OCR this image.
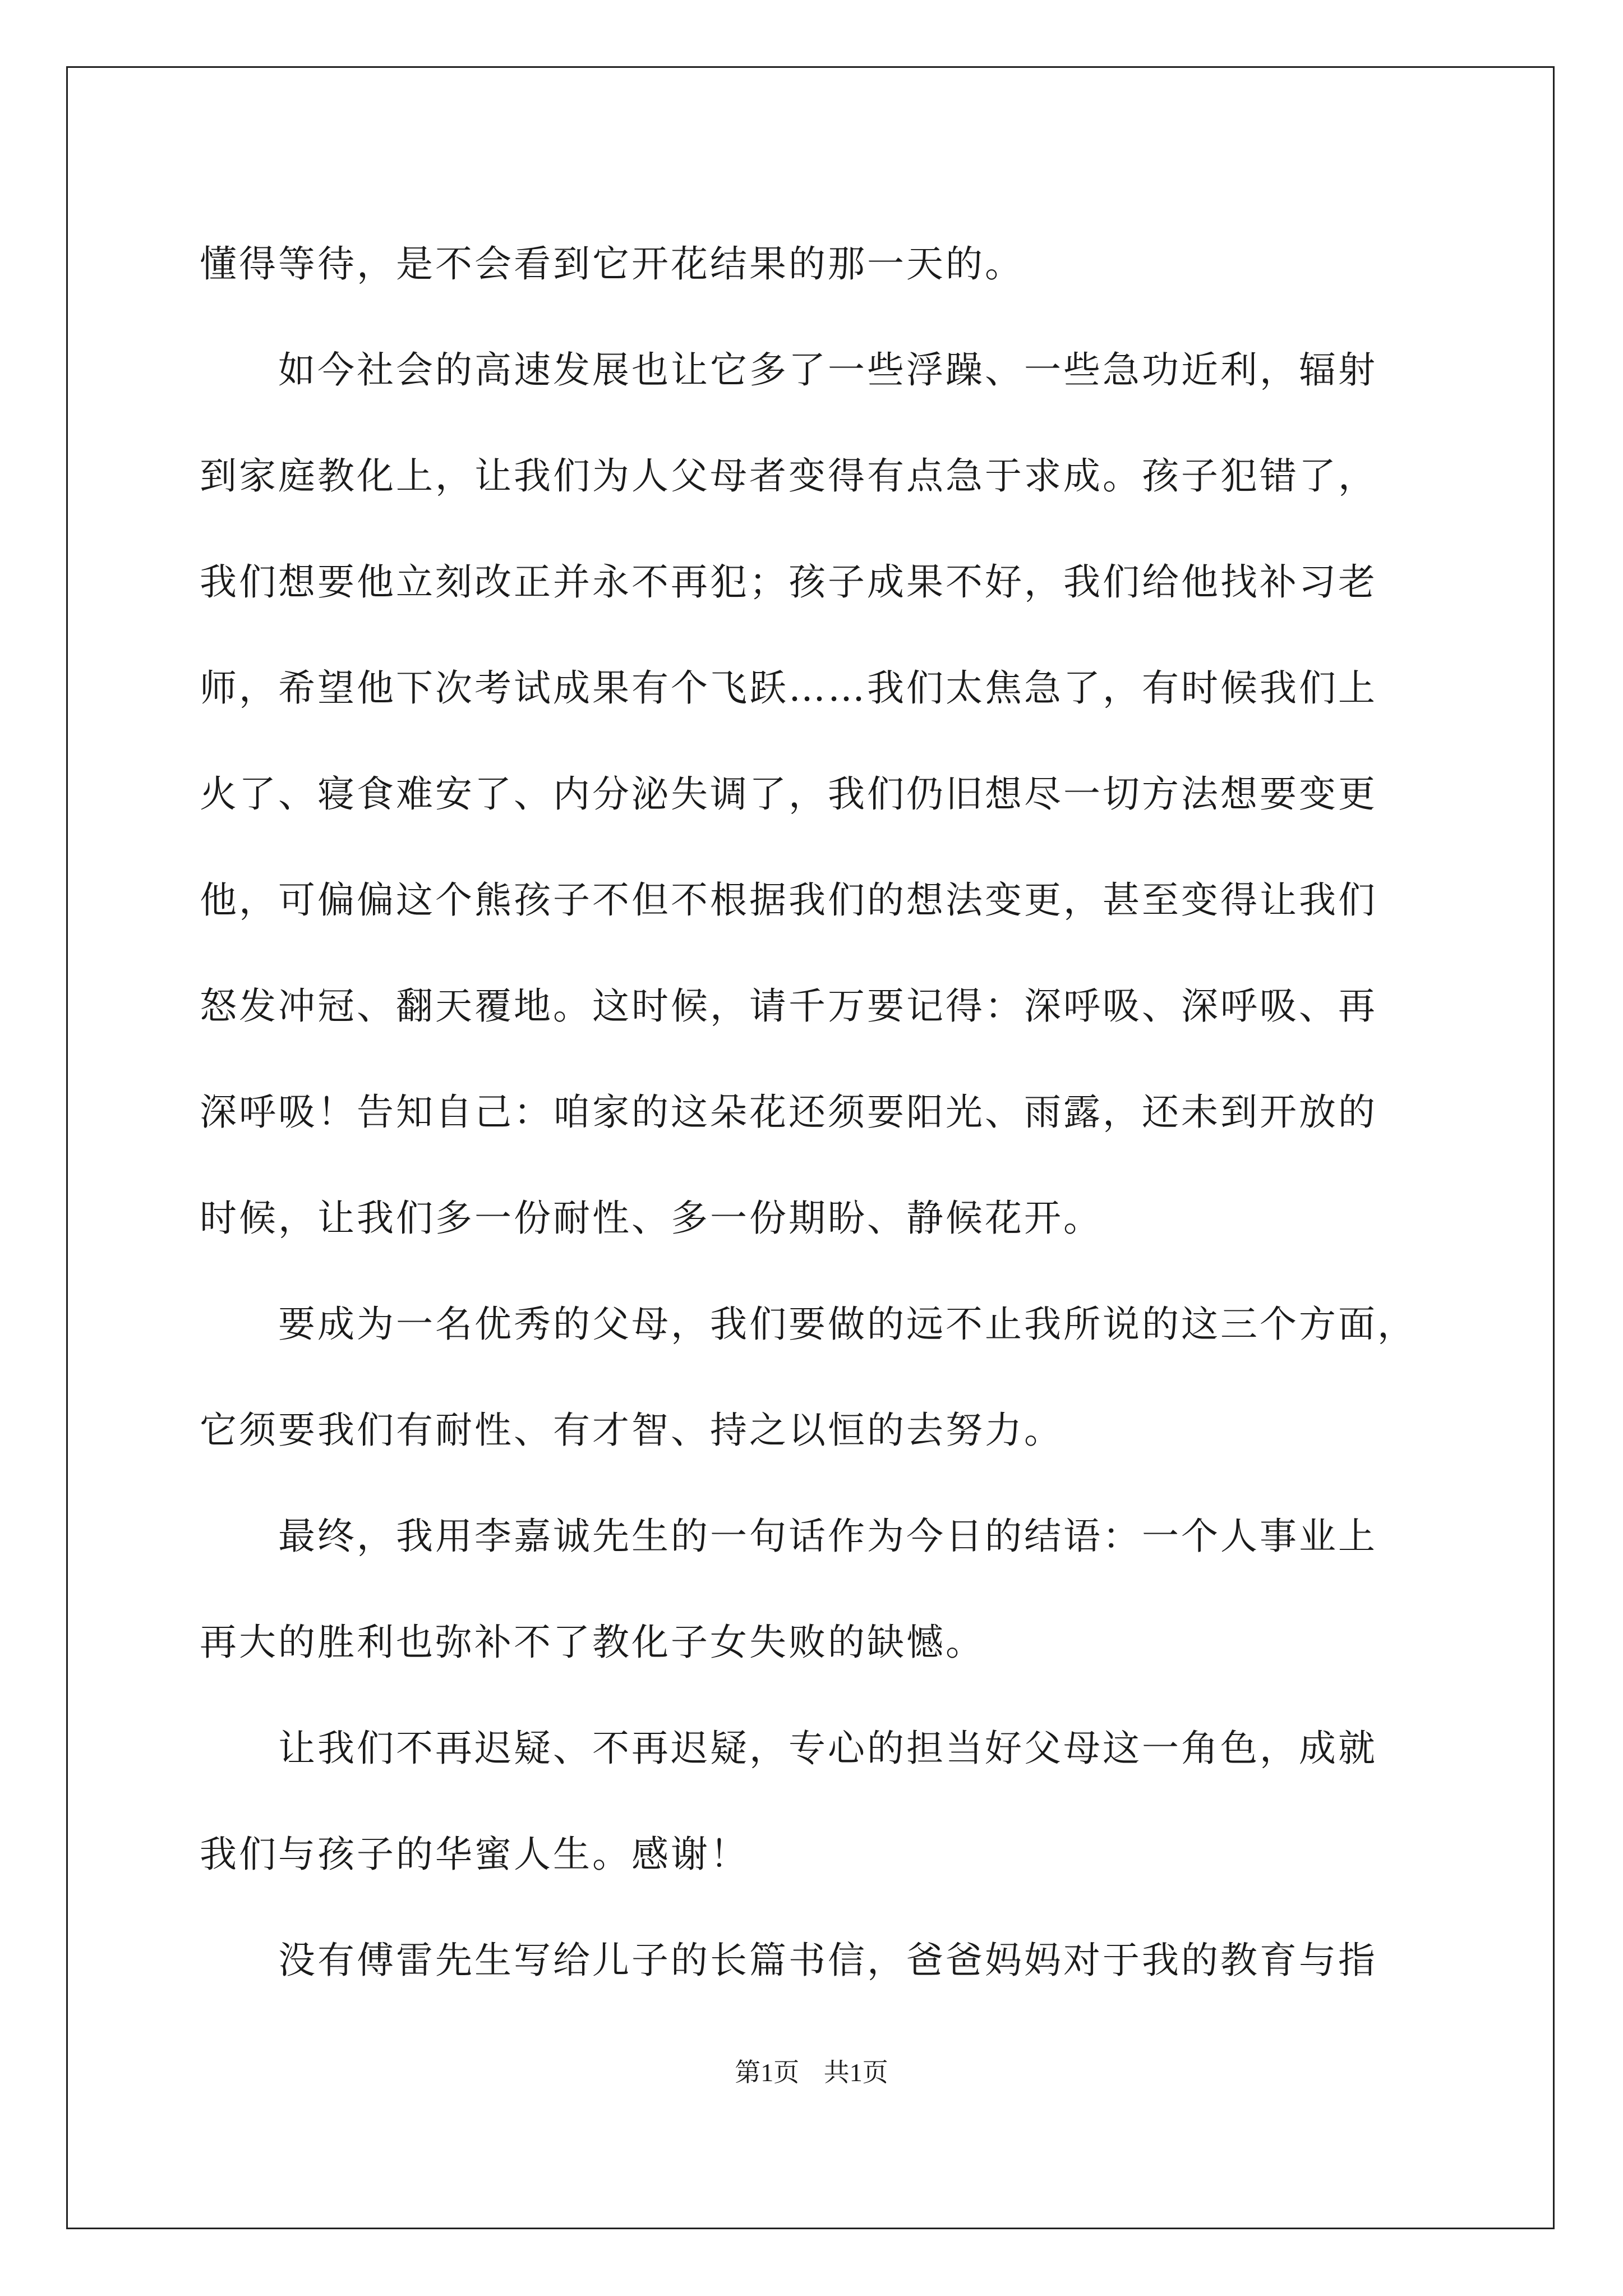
懂得等待，是不会看到它开花结果的那一天的。

如今社会的高速发展也让它多了一些浮躁、一些急功近利，辐射

到家庭教化上，让我们为人父母者变得有点急于求成。孩子犯错了，

我们想要他立刻改正并永不再犯；孩子成果不好，我们给他找补习老

师，希望他下次考试成果有个飞跃……我们太焦急了，有时候我们上

火了、寝食难安了、内分泌失调了，我们仍旧想尽一切方法想要变更

他，可偏偏这个熊孩子不但不根据我们的想法变更，甚至变得让我们

怒发冲冠、翻天覆地。这时候，请千万要记得：深呼吸、深呼吸、再

深呼吸！告知自己：咱家的这朵花还须要阳光、雨露，还未到开放的

时候，让我们多一份耐性、多一份期盼、静候花开。

要成为一名优秀的父母，我们要做的远不止我所说的这三个方面，

它须要我们有耐性、有才智、持之以恒的去努力。

最终，我用李嘉诚先生的一句话作为今日的结语：一个人事业上

再大的胜利也弥补不了教化子女失败的缺憾。

让我们不再迟疑、不再迟疑，专心的担当好父母这一角色，成就

我们与孩子的华蜜人生。感谢！

没有傅雷先生写给儿子的长篇书信，爸爸妈妈对于我的教育与指

第1页 共1页
